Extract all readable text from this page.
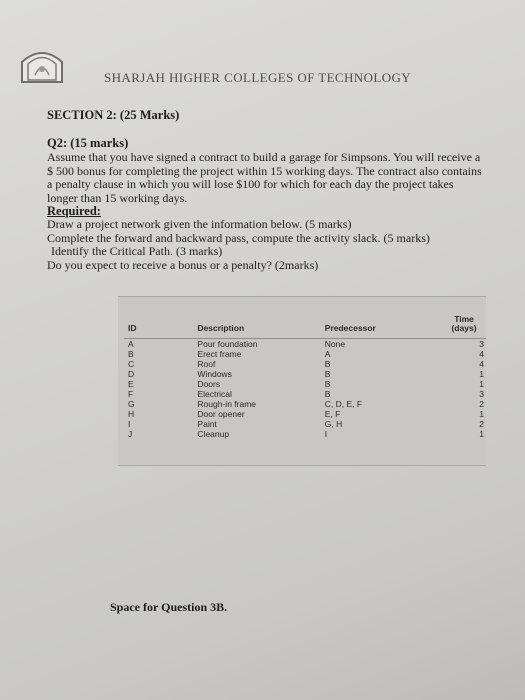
SHARJAH HIGHER COLLEGES OF TECHNOLOGY
SECTION 2: (25 Marks)
Q2: (15 marks)

Assume that you have signed a contract to build a garage for Simpsons. You will receive a $ 500 bonus for completing the project within 15 working days. The contract also contains a penalty clause in which you will lose $100 for which for each day the project takes longer than 15 working days.

Required:
Draw a project network given the information below. (5 marks)
Complete the forward and backward pass, compute the activity slack. (5 marks)
Identify the Critical Path. (3 marks)
Do you expect to receive a bonus or a penalty? (2marks)
ID	Description	Predecessor	Time
(days)

A	Pour foundation	None	3
B	Erect frame	A	4
C	Roof	B	4
D	Windows	B	1
E	Doors	B	1
F	Electrical	B	3
G	Rough-in frame	C, D, E, F	2
H	Door opener	E, F	1
I	Paint	G, H	2
J	Cleanup	I	1
Space for Question 3B.
